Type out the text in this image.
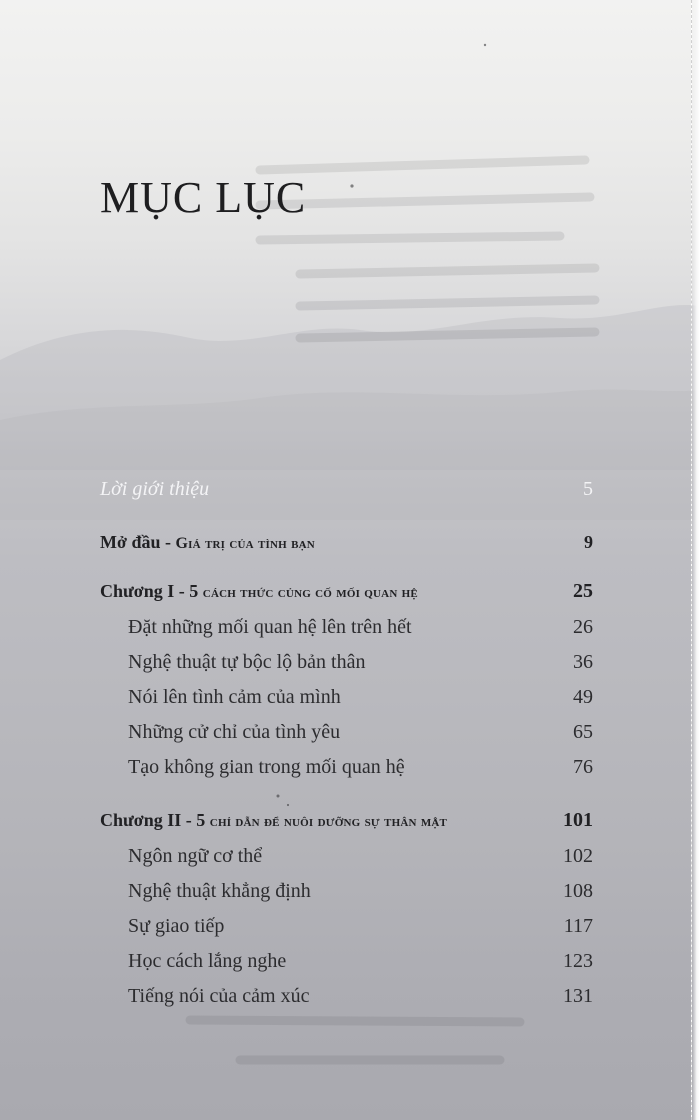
MỤC LỤC
Lời giới thiệu	5
Mở đầu - Giá trị của tình bạn	9
Chương I - 5 cách thức củng cố mối quan hệ	25
Đặt những mối quan hệ lên trên hết	26
Nghệ thuật tự bộc lộ bản thân	36
Nói lên tình cảm của mình	49
Những cử chỉ của tình yêu	65
Tạo không gian trong mối quan hệ	76
Chương II - 5 chỉ dẫn để nuôi dưỡng sự thân mật	101
Ngôn ngữ cơ thể	102
Nghệ thuật khẳng định	108
Sự giao tiếp	117
Học cách lắng nghe	123
Tiếng nói của cảm xúc	131
